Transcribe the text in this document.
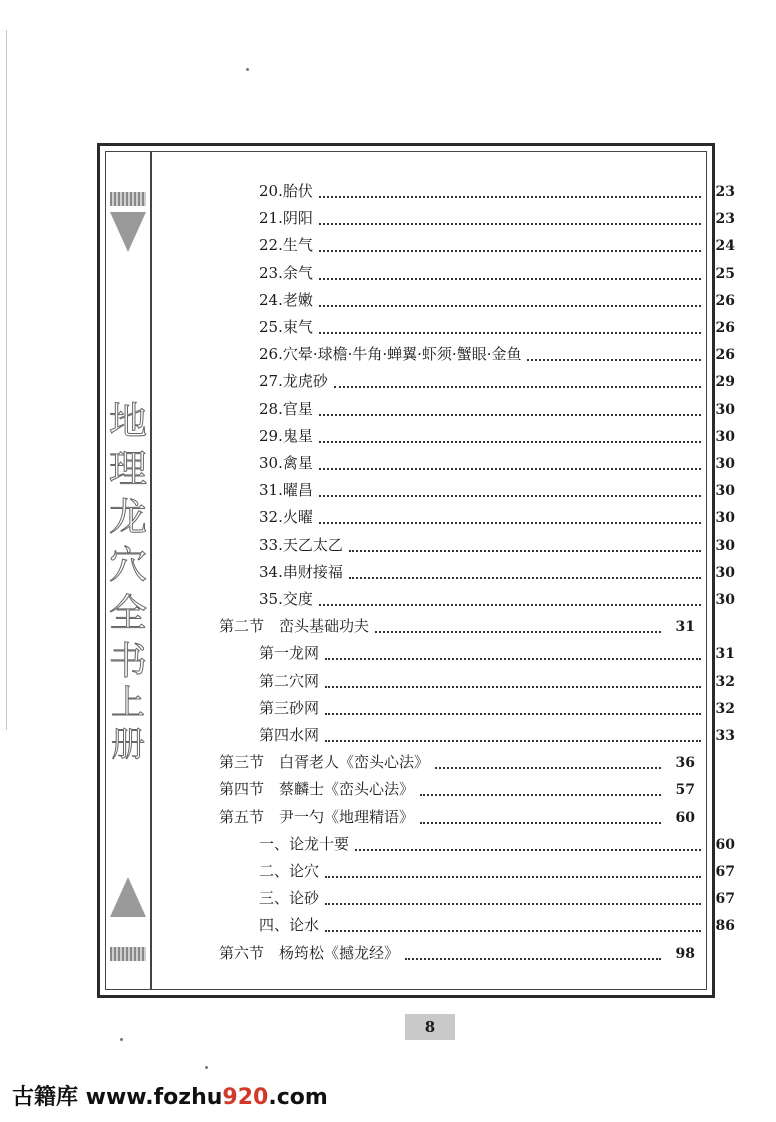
地理龙穴全书
上册
20.胎伏	23
21.阴阳	23
22.生气	24
23.余气	25
24.老嫩	26
25.束气	26
26.穴晕·球檐·牛角·蝉翼·虾须·蟹眼·金鱼	26
27.龙虎砂	29
28.官星	30
29.鬼星	30
30.禽星	30
31.曜昌	30
32.火曜	30
33.天乙太乙	30
34.串财接福	30
35.交度	30
第二节　峦头基础功夫	31
第一龙网	31
第二穴网	32
第三砂网	32
第四水网	33
第三节　白胥老人《峦头心法》	36
第四节　蔡麟士《峦头心法》	57
第五节　尹一勺《地理精语》	60
一、论龙十要	60
二、论穴	67
三、论砂	67
四、论水	86
第六节　杨筠松《撼龙经》	98
8
古籍库 www.fozhu920.com
